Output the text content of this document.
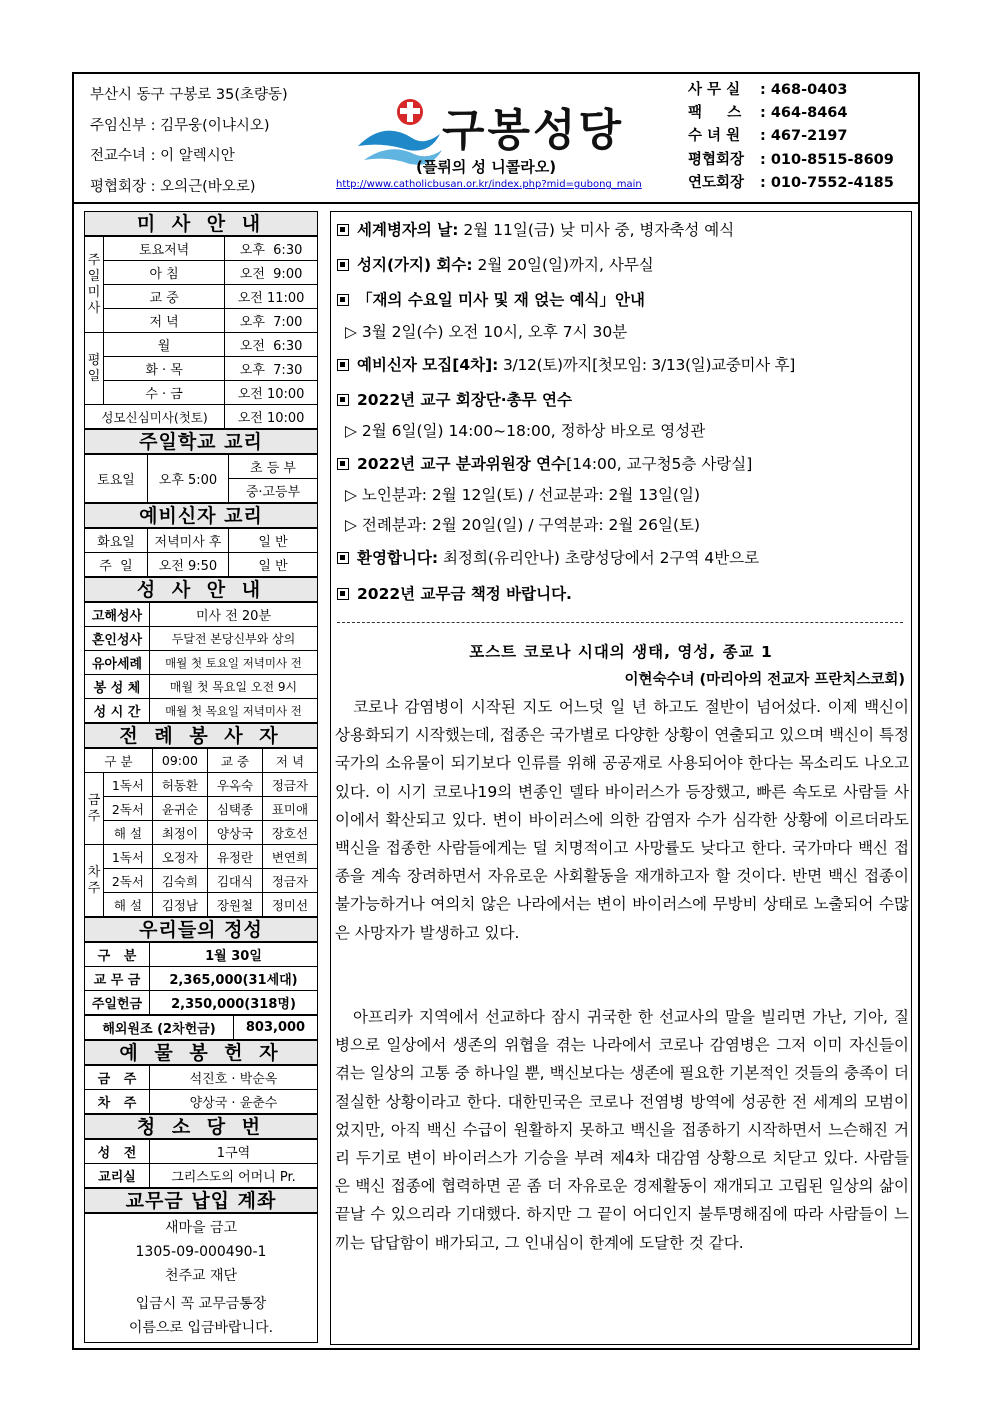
부산시 동구 구봉로 35(초량동)
주임신부 : 김무웅(이냐시오)
전교수녀 : 이 알렉시안
평협회장 : 오의근(바오로)
구봉성당
(플뤼의 성 니콜라오)
http://www.catholicbusan.or.kr/index.php?mid=gubong_main
사 무 실 : 468-0403
팩     스 : 464-8464
수 녀 원 : 467-2197
평협회장 : 010-8515-8609
연도회장 : 010-7552-4185
미 사 안 내
주 일 미 사	토요저녁	오후  6:30
	아 침	오전  9:00
	교 중	오전 11:00
	저 녁	오후  7:00
평 일	월	오전  6:30
	화 · 목	오후  7:30
	수 · 금	오전 10:00
성모신심미사(첫토)		오전 10:00
주일학교 교리
토요일	오후 5:00	초 등 부
중·고등부
예비신자 교리
화요일	저녁미사 후	일 반
주  일	오전 9:50	일 반
성 사 안 내
고해성사	미사 전 20분
혼인성사	두달전 본당신부와 상의
유아세례	매월 첫 토요일 저녁미사 전
봉 성 체	매월 첫 목요일 오전 9시
성 시 간	매월 첫 목요일 저녁미사 전
전 례 봉 사 자
구 분		09:00	교 중	저 녁
금 주	1독서	허동환	우옥숙	정금자
	2독서	윤귀순	심택종	표미애
	해 설	최정이	양상국	장호선
차 주	1독서	오정자	유정란	변연희
	2독서	김숙희	김대식	정금자
	해 설	김정남	장원철	정미선
우리들의 정성
구   분	1월 30일
교 무 금	2,365,000(31세대)
주일헌금	2,350,000(318명)
해외원조 (2차헌금)	803,000
예 물 봉 헌 자
금   주	석진호 · 박순옥
차   주	양상국 · 윤춘수
청 소 당 번
성   전	1구역
교리실	그리스도의 어머니 Pr.
교무금 납입 계좌
새마을 금고
1305-09-000490-1
천주교 재단
입금시 꼭 교무금통장
이름으로 입금바랍니다.
세계병자의 날: 2월 11일(금) 낮 미사 중, 병자축성 예식
성지(가지) 회수: 2월 20일(일)까지, 사무실
「재의 수요일 미사 및 재 얹는 예식」안내
▷ 3월 2일(수) 오전 10시, 오후 7시 30분
예비신자 모집[4차]: 3/12(토)까지[첫모임: 3/13(일)교중미사 후]
2022년 교구 회장단·총무 연수
▷ 2월 6일(일) 14:00~18:00, 정하상 바오로 영성관
2022년 교구 분과위원장 연수[14:00, 교구청5층 사랑실]
▷ 노인분과: 2월 12일(토) / 선교분과: 2월 13일(일)
▷ 전례분과: 2월 20일(일) / 구역분과: 2월 26일(토)
환영합니다: 최정희(유리안나) 초량성당에서 2구역 4반으로
2022년 교무금 책정 바랍니다.
포스트 코로나 시대의 생태, 영성, 종교 1
이현숙수녀 (마리아의 전교자 프란치스코회)
코로나 감염병이 시작된 지도 어느덧 일 년 하고도 절반이 넘어섰다. 이제 백신이 상용화되기 시작했는데, 접종은 국가별로 다양한 상황이 연출되고 있으며 백신이 특정 국가의 소유물이 되기보다 인류를 위해 공공재로 사용되어야 한다는 목소리도 나오고 있다. 이 시기 코로나19의 변종인 델타 바이러스가 등장했고, 빠른 속도로 사람들 사이에서 확산되고 있다. 변이 바이러스에 의한 감염자 수가 심각한 상황에 이르더라도 백신을 접종한 사람들에게는 덜 치명적이고 사망률도 낮다고 한다. 국가마다 백신 접종을 계속 장려하면서 자유로운 사회활동을 재개하고자 할 것이다. 반면 백신 접종이 불가능하거나 여의치 않은 나라에서는 변이 바이러스에 무방비 상태로 노출되어 수많은 사망자가 발생하고 있다.
아프리카 지역에서 선교하다 잠시 귀국한 한 선교사의 말을 빌리면 가난, 기아, 질병으로 일상에서 생존의 위협을 겪는 나라에서 코로나 감염병은 그저 이미 자신들이 겪는 일상의 고통 중 하나일 뿐, 백신보다는 생존에 필요한 기본적인 것들의 충족이 더 절실한 상황이라고 한다. 대한민국은 코로나 전염병 방역에 성공한 전 세계의 모범이었지만, 아직 백신 수급이 원활하지 못하고 백신을 접종하기 시작하면서 느슨해진 거리 두기로 변이 바이러스가 기승을 부려 제4차 대감염 상황으로 치닫고 있다. 사람들은 백신 접종에 협력하면 곧 좀 더 자유로운 경제활동이 재개되고 고립된 일상의 삶이 끝날 수 있으리라 기대했다. 하지만 그 끝이 어디인지 불투명해짐에 따라 사람들이 느끼는 답답함이 배가되고, 그 인내심이 한계에 도달한 것 같다.
